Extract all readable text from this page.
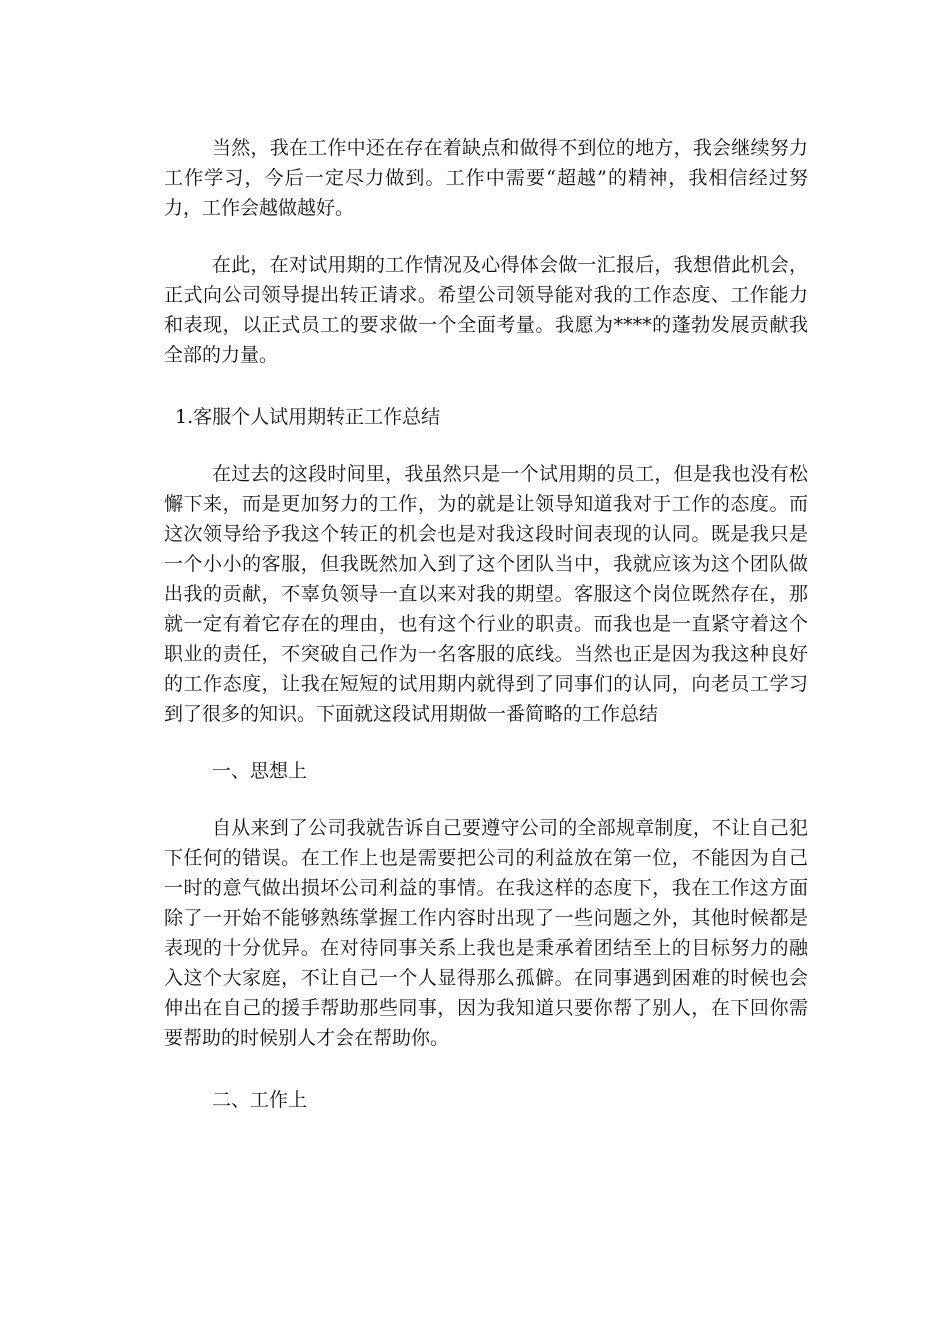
当然，我在工作中还在存在着缺点和做得不到位的地方，我会继续努力工作学习，今后一定尽力做到。工作中需要“超越”的精神，我相信经过努力，工作会越做越好。

在此，在对试用期的工作情况及心得体会做一汇报后，我想借此机会，正式向公司领导提出转正请求。希望公司领导能对我的工作态度、工作能力和表现，以正式员工的要求做一个全面考量。我愿为****的蓬勃发展贡献我全部的力量。

1.客服个人试用期转正工作总结

在过去的这段时间里，我虽然只是一个试用期的员工，但是我也没有松懈下来，而是更加努力的工作，为的就是让领导知道我对于工作的态度。而这次领导给予我这个转正的机会也是对我这段时间表现的认同。既是我只是一个小小的客服，但我既然加入到了这个团队当中，我就应该为这个团队做出我的贡献，不辜负领导一直以来对我的期望。客服这个岗位既然存在，那就一定有着它存在的理由，也有这个行业的职责。而我也是一直紧守着这个职业的责任，不突破自己作为一名客服的底线。当然也正是因为我这种良好的工作态度，让我在短短的试用期内就得到了同事们的认同，向老员工学习到了很多的知识。下面就这段试用期做一番简略的工作总结

一、思想上

自从来到了公司我就告诉自己要遵守公司的全部规章制度，不让自己犯下任何的错误。在工作上也是需要把公司的利益放在第一位，不能因为自己一时的意气做出损坏公司利益的事情。在我这样的态度下，我在工作这方面除了一开始不能够熟练掌握工作内容时出现了一些问题之外，其他时候都是表现的十分优异。在对待同事关系上我也是秉承着团结至上的目标努力的融入这个大家庭，不让自己一个人显得那么孤僻。在同事遇到困难的时候也会伸出在自己的援手帮助那些同事，因为我知道只要你帮了别人，在下回你需要帮助的时候别人才会在帮助你。

二、工作上
